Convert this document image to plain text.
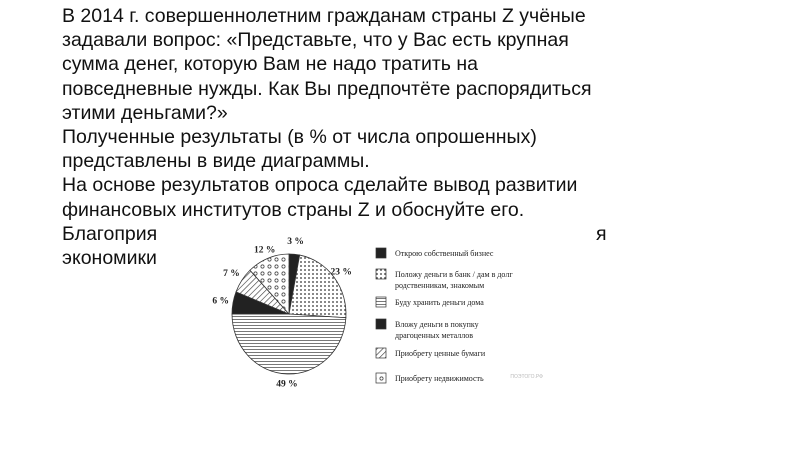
В 2014 г. совершеннолетним гражданам страны Z учёные
задавали вопрос: «Представьте, что у Вас есть крупная
сумма денег, которую Вам не надо тратить на
повседневные нужды. Как Вы предпочтёте распорядиться
этими деньгами?»
Полученные результаты (в % от числа опрошенных)
представлены в виде диаграммы.
На основе результатов опроса сделайте вывод развитии
финансовых институтов страны Z и обоснуйте его.
Благоприя	я
экономики
3 %
23 %
49 %
6 %
7 %
12 %	Открою собственный бизнес
Положу деньги в банк / дам в долг
родственникам, знакомым
Буду хранить деньги дома
Вложу деньги в покупку
драгоценных металлов
Приобрету ценные бумаги
Приобрету недвижимость	ПОЭТОГО.РФ
